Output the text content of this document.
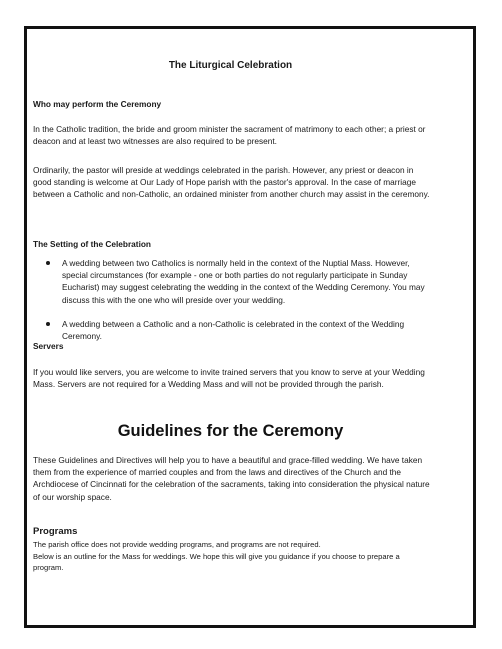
The Liturgical Celebration
Who may perform the Ceremony
In the Catholic tradition, the bride and groom minister the sacrament of matrimony to each other; a priest or deacon and at least two witnesses are also required to be present.
Ordinarily, the pastor will preside at weddings celebrated in the parish. However, any priest or deacon in good standing is welcome at Our Lady of Hope parish with the pastor's approval. In the case of marriage between a Catholic and non-Catholic, an ordained minister from another church may assist in the ceremony.
The Setting of the Celebration
A wedding between two Catholics is normally held in the context of the Nuptial Mass. However, special circumstances (for example - one or both parties do not regularly participate in Sunday Eucharist) may suggest celebrating the wedding in the context of the Wedding Ceremony. You may discuss this with the one who will preside over your wedding.
A wedding between a Catholic and a non-Catholic is celebrated in the context of the Wedding Ceremony.
Servers
If you would like servers, you are welcome to invite trained servers that you know to serve at your Wedding Mass. Servers are not required for a Wedding Mass and will not be provided through the parish.
Guidelines for the Ceremony
These Guidelines and Directives will help you to have a beautiful and grace-filled wedding. We have taken them from the experience of married couples and from the laws and directives of the Church and the Archdiocese of Cincinnati for the celebration of the sacraments, taking into consideration the physical nature of our worship space.
Programs
The parish office does not provide wedding programs, and programs are not required.
Below is an outline for the Mass for weddings. We hope this will give you guidance if you choose to prepare a program.
